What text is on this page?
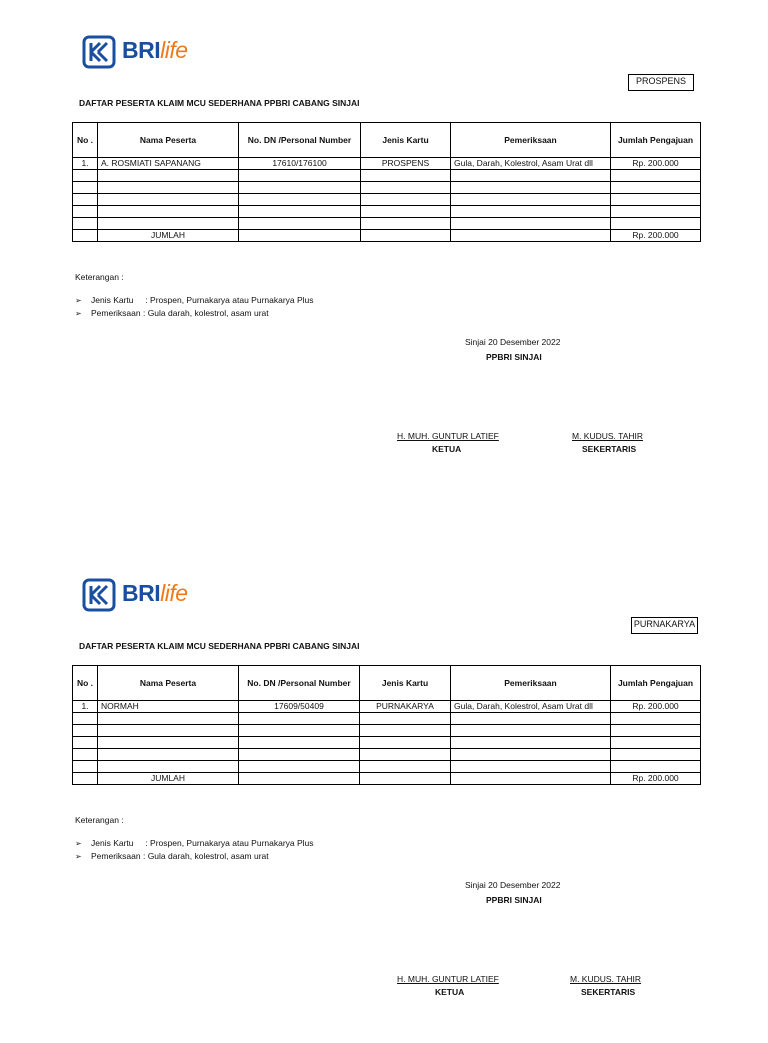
BRIlife
PROSPENS
DAFTAR PESERTA KLAIM MCU SEDERHANA PPBRI CABANG SINJAI
No .	Nama Peserta	No. DN /Personal Number	Jenis Kartu	Pemeriksaan	Jumlah Pengajuan
1.	A. ROSMIATI SAPANANG	17610/176100	PROSPENS	Gula, Darah, Kolestrol, Asam Urat dll	Rp. 200.000

	JUMLAH				Rp. 200.000
Keterangan :
➢ Jenis Kartu     : Prospen, Purnakarya atau Purnakarya Plus
➢ Pemeriksaan : Gula darah, kolestrol, asam urat
Sinjai 20 Desember 2022
PPBRI SINJAI
H. MUH. GUNTUR LATIEF
KETUA
M. KUDUS. TAHIR
SEKERTARIS
BRIlife
PURNAKARYA
DAFTAR PESERTA KLAIM MCU SEDERHANA PPBRI CABANG SINJAI
No .	Nama Peserta	No. DN /Personal Number	Jenis Kartu	Pemeriksaan	Jumlah Pengajuan
1.	NORMAH	17609/50409	PURNAKARYA	Gula, Darah, Kolestrol, Asam Urat dll	Rp. 200.000

	JUMLAH				Rp. 200.000
Keterangan :
➢ Jenis Kartu     : Prospen, Purnakarya atau Purnakarya Plus
➢ Pemeriksaan : Gula darah, kolestrol, asam urat
Sinjai 20 Desember 2022
PPBRI SINJAI
H. MUH. GUNTUR LATIEF
KETUA
M. KUDUS. TAHIR
SEKERTARIS
